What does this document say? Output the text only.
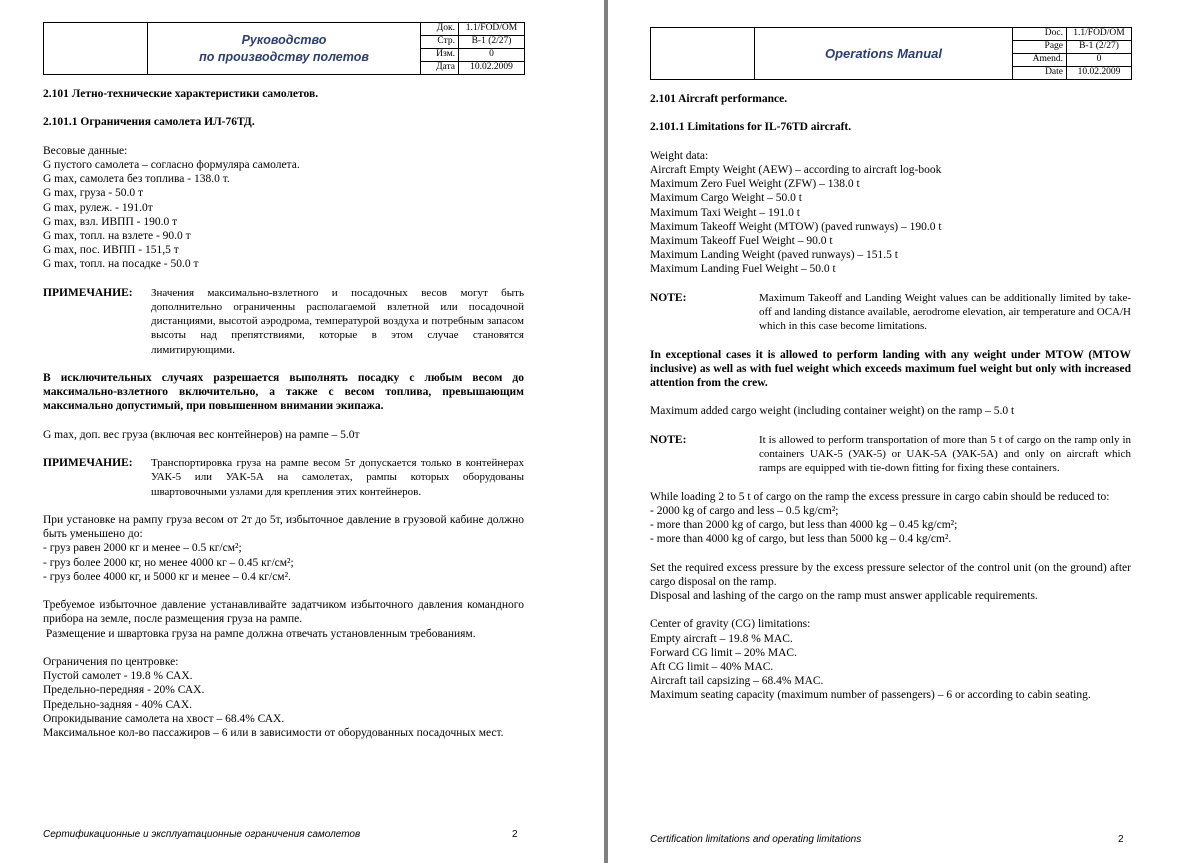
Руководство
по производству полетов
Док.	1.1/FOD/OM
Стр.	B-1 (2/27)
Изм.	0
Дата	10.02.2009

2.101 Летно-технические характеристики самолетов.

2.101.1 Ограничения самолета ИЛ-76ТД.

Весовые данные:

G пустого самолета – согласно формуляра самолета.

G max, самолета без топлива - 138.0 т.

G max, груза - 50.0 т

G max, рулеж. - 191.0т

G max, взл. ИВПП - 190.0 т

G max, топл. на взлете - 90.0 т

G max, пос. ИВПП - 151,5 т

G max, топл. на посадке - 50.0 т

ПРИМЕЧАНИЕ:	Значения максимально-взлетного и посадочных весов могут быть дополнительно ограниченны располагаемой взлетной или посадочной дистанциями, высотой аэродрома, температурой воздуха и потребным запасом высоты над препятствиями, которые в этом случае становятся лимитирующими.

В исключительных случаях разрешается выполнять посадку с любым весом до максимально-взлетного включительно, а также с весом топлива, превышающим максимально допустимый, при повышенном внимании экипажа.

G max, доп. вес груза (включая вес контейнеров) на рампе – 5.0т

ПРИМЕЧАНИЕ:	Транспортировка груза на рампе весом 5т допускается только в контейнерах УАК-5 или УАК-5А на самолетах, рампы которых оборудованы швартовочными узлами для крепления этих контейнеров.

При установке на рампу груза весом от 2т до 5т, избыточное давление в грузовой кабине должно быть уменьшено до:

- груз равен 2000 кг и менее – 0.5 кг/см²;

- груз более 2000 кг, но менее 4000 кг – 0.45 кг/см²;

- груз более 4000 кг, и 5000 кг и менее – 0.4 кг/см².

Требуемое избыточное давление устанавливайте задатчиком избыточного давления командного прибора на земле, после размещения груза на рампе.

Размещение и швартовка груза на рампе должна отвечать установленным требованиям.

Ограничения по центровке:

Пустой самолет - 19.8 % САХ.

Предельно-передняя - 20% САХ.

Предельно-задняя - 40% САХ.

Опрокидывание самолета на хвост – 68.4% САХ.

Максимальное кол-во пассажиров – 6 или в зависимости от оборудованных посадочных мест.

Сертификационные и эксплуатационные ограничения самолетов	2
Operations Manual
Doc.	1.1/FOD/OM
Page	B-1 (2/27)
Amend.	0
Date	10.02.2009

2.101 Aircraft performance.

2.101.1 Limitations for IL-76TD aircraft.

Weight data:

Aircraft Empty Weight (AEW) – according to aircraft log-book

Maximum Zero Fuel Weight (ZFW) – 138.0 t

Maximum Cargo Weight – 50.0 t

Maximum Taxi Weight – 191.0 t

Maximum Takeoff Weight (MTOW) (paved runways) – 190.0 t

Maximum Takeoff Fuel Weight – 90.0 t

Maximum Landing Weight (paved runways) – 151.5 t

Maximum Landing Fuel Weight – 50.0 t

NOTE:	Maximum Takeoff and Landing Weight values can be additionally limited by take-off and landing distance available, aerodrome elevation, air temperature and OCA/H which in this case become limitations.

In exceptional cases it is allowed to perform landing with any weight under MTOW (MTOW inclusive) as well as with fuel weight which exceeds maximum fuel weight but only with increased attention from the crew.

Maximum added cargo weight (including container weight) on the ramp – 5.0 t

NOTE:	It is allowed to perform transportation of more than 5 t of cargo on the ramp only in containers UAK-5 (УАК-5) or UAK-5A (УАК-5A) and only on aircraft which ramps are equipped with tie-down fitting for fixing these containers.

While loading 2 to 5 t of cargo on the ramp the excess pressure in cargo cabin should be reduced to:

- 2000 kg of cargo and less – 0.5 kg/cm²;

- more than 2000 kg of cargo, but less than 4000 kg – 0.45 kg/cm²;

- more than 4000 kg of cargo, but less than 5000 kg – 0.4 kg/cm².

Set the required excess pressure by the excess pressure selector of the control unit (on the ground) after cargo disposal on the ramp.

Disposal and lashing of the cargo on the ramp must answer applicable requirements.

Center of gravity (CG) limitations:

Empty aircraft – 19.8 % MAC.

Forward CG limit – 20% MAC.

Aft CG limit – 40% MAC.

Aircraft tail capsizing – 68.4% MAC.

Maximum seating capacity (maximum number of passengers) – 6 or according to cabin seating.

Certification limitations and operating limitations	2
